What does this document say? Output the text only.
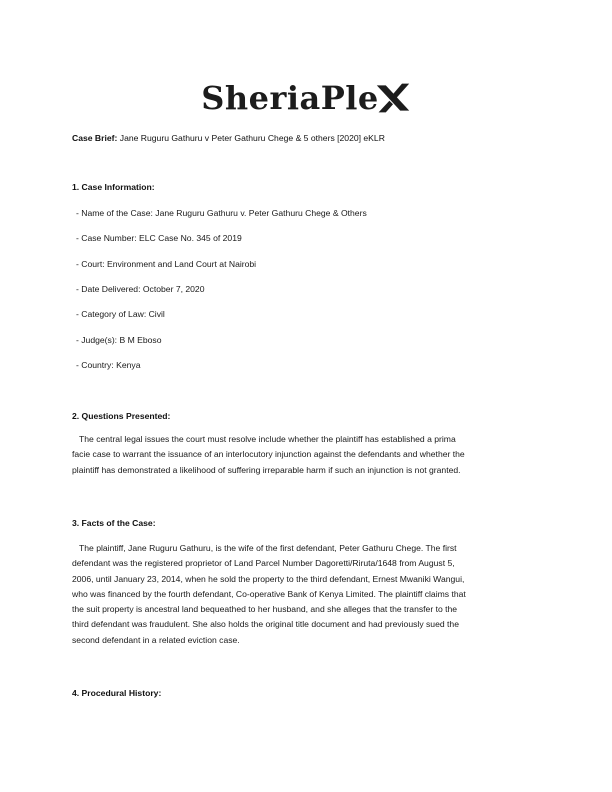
SheriaPle
Case Brief: Jane Ruguru Gathuru v Peter Gathuru Chege & 5 others [2020] eKLR
1. Case Information:
- Name of the Case: Jane Ruguru Gathuru v. Peter Gathuru Chege & Others
- Case Number: ELC Case No. 345 of 2019
- Court: Environment and Land Court at Nairobi
- Date Delivered: October 7, 2020
- Category of Law: Civil
- Judge(s): B M Eboso
- Country: Kenya
2. Questions Presented:
The central legal issues the court must resolve include whether the plaintiff has established a prima
facie case to warrant the issuance of an interlocutory injunction against the defendants and whether the
plaintiff has demonstrated a likelihood of suffering irreparable harm if such an injunction is not granted.
3. Facts of the Case:
The plaintiff, Jane Ruguru Gathuru, is the wife of the first defendant, Peter Gathuru Chege. The first
defendant was the registered proprietor of Land Parcel Number Dagoretti/Riruta/1648 from August 5,
2006, until January 23, 2014, when he sold the property to the third defendant, Ernest Mwaniki Wangui,
who was financed by the fourth defendant, Co-operative Bank of Kenya Limited. The plaintiff claims that
the suit property is ancestral land bequeathed to her husband, and she alleges that the transfer to the
third defendant was fraudulent. She also holds the original title document and had previously sued the
second defendant in a related eviction case.
4. Procedural History:
